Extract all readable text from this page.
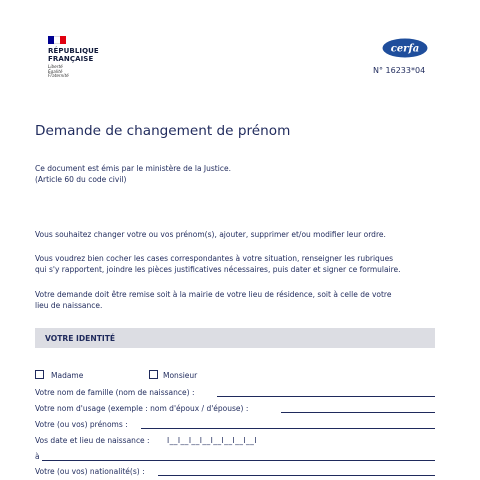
RÉPUBLIQUE
FRANÇAISE
Liberté
Égalité
Fraternité
cerfa
N° 16233*04
Demande de changement de prénom
Ce document est émis par le ministère de la Justice.
(Article 60 du code civil)
Vous souhaitez changer votre ou vos prénom(s), ajouter, supprimer et/ou modifier leur ordre.
Vous voudrez bien cocher les cases correspondantes à votre situation, renseigner les rubriques
qui s'y rapportent, joindre les pièces justificatives nécessaires, puis dater et signer ce formulaire.
Votre demande doit être remise soit à la mairie de votre lieu de résidence, soit à celle de votre
lieu de naissance.
VOTRE IDENTITÉ
Madame	Monsieur
Votre nom de famille (nom de naissance) :
Votre nom d'usage (exemple : nom d'époux / d'épouse) :
Votre (ou vos) prénoms :
Vos date et lieu de naissance : I__I__I__I__I__I__I__I__I
à
Votre (ou vos) nationalité(s) :
